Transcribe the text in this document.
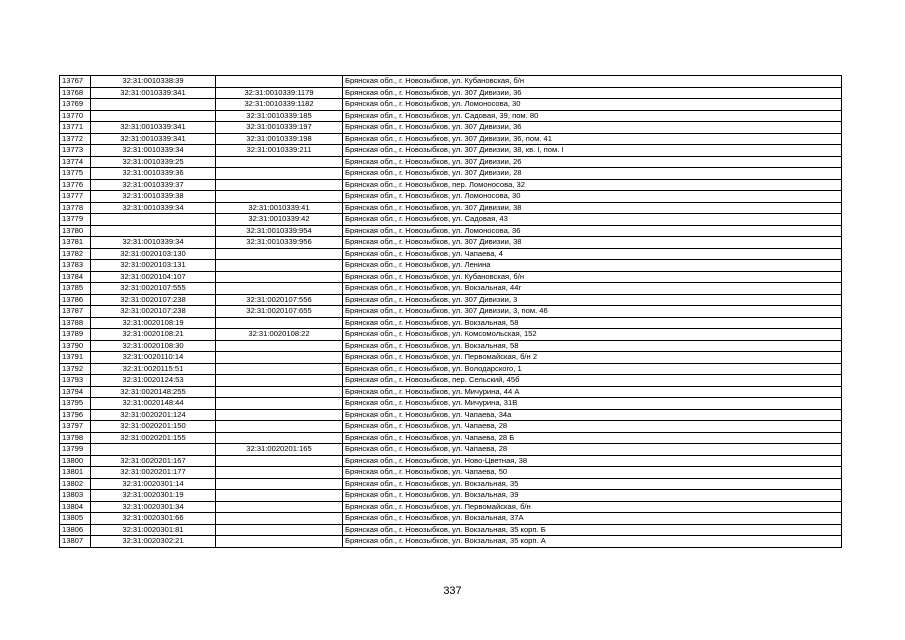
13767	32:31:0010338:39		Брянская обл., г. Новозыбков, ул. Кубановская, б/н
13768	32:31:0010339:341	32:31:0010339:1179	Брянская обл., г. Новозыбков, ул. 307 Дивизии, 36
13769		32:31:0010339:1182	Брянская обл., г. Новозыбков, ул. Ломоносова, 30
13770		32:31:0010339:185	Брянская обл., г. Новозыбков, ул. Садовая, 39, пом. 80
13771	32:31:0010339:341	32:31:0010339:197	Брянская обл., г. Новозыбков, ул. 307 Дивизии, 36
13772	32:31:0010339:341	32:31:0010339:198	Брянская обл., г. Новозыбков, ул. 307 Дивизии, 36, пом. 41
13773	32:31:0010339:34	32:31:0010339:211	Брянская обл., г. Новозыбков, ул. 307 Дивизии, 38, кв. I, пом. I
13774	32:31:0010339:25		Брянская обл., г. Новозыбков, ул. 307 Дивизии, 26
13775	32:31:0010339:36		Брянская обл., г. Новозыбков, ул. 307 Дивизии, 28
13776	32:31:0010339:37		Брянская обл., г. Новозыбков, пер. Ломоносова, 32
13777	32:31:0010339:38		Брянская обл., г. Новозыбков, ул. Ломоносова, 30
13778	32:31:0010339:34	32:31:0010339:41	Брянская обл., г. Новозыбков, ул. 307 Дивизии, 38
13779		32:31:0010339:42	Брянская обл., г. Новозыбков, ул. Садовая, 43
13780		32:31:0010339:954	Брянская обл., г. Новозыбков, ул. Ломоносова, 36
13781	32:31:0010339:34	32:31:0010339:956	Брянская обл., г. Новозыбков, ул. 307 Дивизии, 38
13782	32:31:0020103:130		Брянская обл., г. Новозыбков, ул. Чапаева, 4
13783	32:31:0020103:131		Брянская обл., г. Новозыбков, ул. Ленина
13784	32:31:0020104:107		Брянская обл., г. Новозыбков, ул. Кубановская, б/н
13785	32:31:0020107:555		Брянская обл., г. Новозыбков, ул. Вокзальная, 44г
13786	32:31:0020107:238	32:31:0020107:556	Брянская обл., г. Новозыбков, ул. 307 Дивизии, 3
13787	32:31:0020107:238	32:31:0020107:655	Брянская обл., г. Новозыбков, ул. 307 Дивизии, 3, пом. 46
13788	32:31:0020108:19		Брянская обл., г. Новозыбков, ул. Вокзальная, 58
13789	32:31:0020108:21	32:31:0020108:22	Брянская обл., г. Новозыбков, ул. Комсомольская, 152
13790	32:31:0020108:30		Брянская обл., г. Новозыбков, ул. Вокзальная, 58
13791	32:31:0020110:14		Брянская обл., г. Новозыбков, ул. Первомайская, б/н 2
13792	32:31:0020115:51		Брянская обл., г. Новозыбков, ул. Володарского, 1
13793	32:31:0020124:53		Брянская обл., г. Новозыбков, пер. Сельский, 45б
13794	32:31:0020148:255		Брянская обл., г. Новозыбков, ул. Мичурина, 44 А
13795	32:31:0020148:44		Брянская обл., г. Новозыбков, ул. Мичурина, 31В
13796	32:31:0020201:124		Брянская обл., г. Новозыбков, ул. Чапаева, 34а
13797	32:31:0020201:150		Брянская обл., г. Новозыбков, ул. Чапаева, 28
13798	32:31:0020201:155		Брянская обл., г. Новозыбков, ул. Чапаева, 28 Б
13799		32:31:0020201:165	Брянская обл., г. Новозыбков, ул. Чапаева, 28
13800	32:31:0020201:167		Брянская обл., г. Новозыбков, ул. Ново-Цветная, 38
13801	32:31:0020201:177		Брянская обл., г. Новозыбков, ул. Чапаева, 50
13802	32:31:0020301:14		Брянская обл., г. Новозыбков, ул. Вокзальная, 35
13803	32:31:0020301:19		Брянская обл., г. Новозыбков, ул. Вокзальная, 39
13804	32:31:0020301:34		Брянская обл., г. Новозыбков, ул. Первомайская, б/н
13805	32:31:0020301:66		Брянская обл., г. Новозыбков, ул. Вокзальная, 37А
13806	32:31:0020301:81		Брянская обл., г. Новозыбков, ул. Вокзальная, 35 корп. Б
13807	32:31:0020302:21		Брянская обл., г. Новозыбков, ул. Вокзальная, 35 корп. А
337
